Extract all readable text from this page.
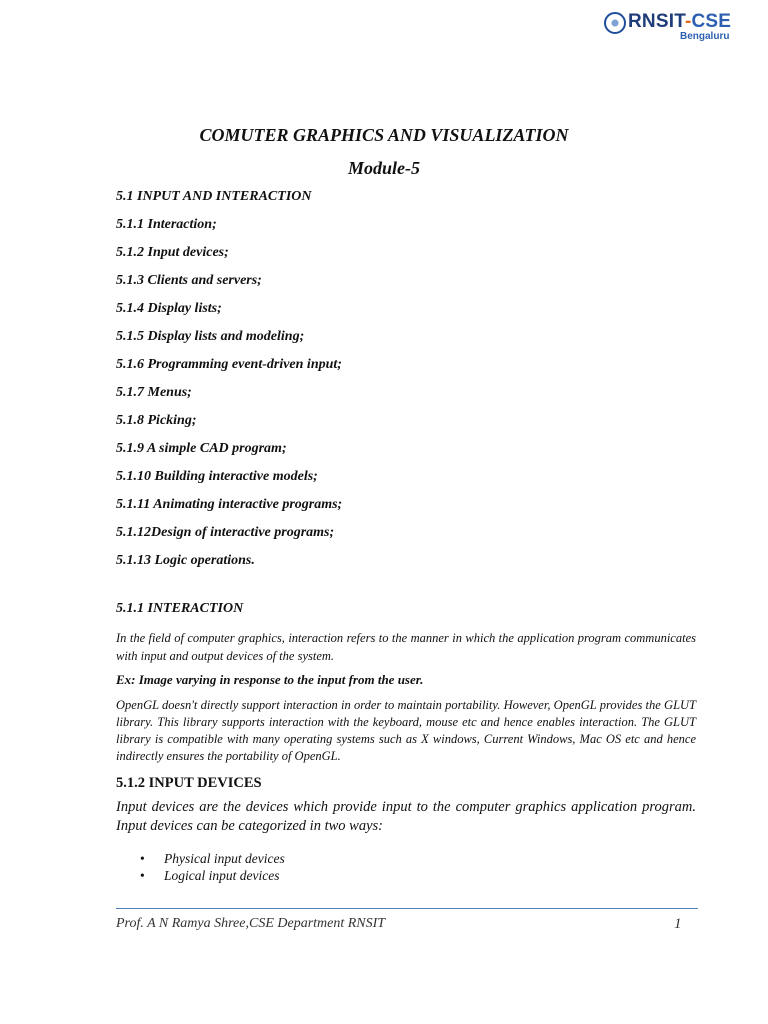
RNSIT-CSE
Bengaluru
COMUTER GRAPHICS AND VISUALIZATION
Module-5
5.1 INPUT AND INTERACTION
5.1.1 Interaction;
5.1.2 Input devices;
5.1.3 Clients and servers;
5.1.4 Display lists;
5.1.5 Display lists and modeling;
5.1.6 Programming event-driven input;
5.1.7 Menus;
5.1.8 Picking;
5.1.9 A simple CAD program;
5.1.10 Building interactive models;
5.1.11 Animating interactive programs;
5.1.12Design of interactive programs;
5.1.13 Logic operations.
5.1.1 INTERACTION
In the field of computer graphics, interaction refers to the manner in which the application program communicates with input and output devices of the system.
Ex: Image varying in response to the input from the user.
OpenGL doesn't directly support interaction in order to maintain portability. However, OpenGL provides the GLUT library. This library supports interaction with the keyboard, mouse etc and hence enables interaction. The GLUT library is compatible with many operating systems such as X windows, Current Windows, Mac OS etc and hence indirectly ensures the portability of OpenGL.
5.1.2 INPUT DEVICES
Input devices are the devices which provide input to the computer graphics application program. Input devices can be categorized in two ways:
• Physical input devices
• Logical input devices
Prof. A N Ramya Shree,CSE Department RNSIT	1
